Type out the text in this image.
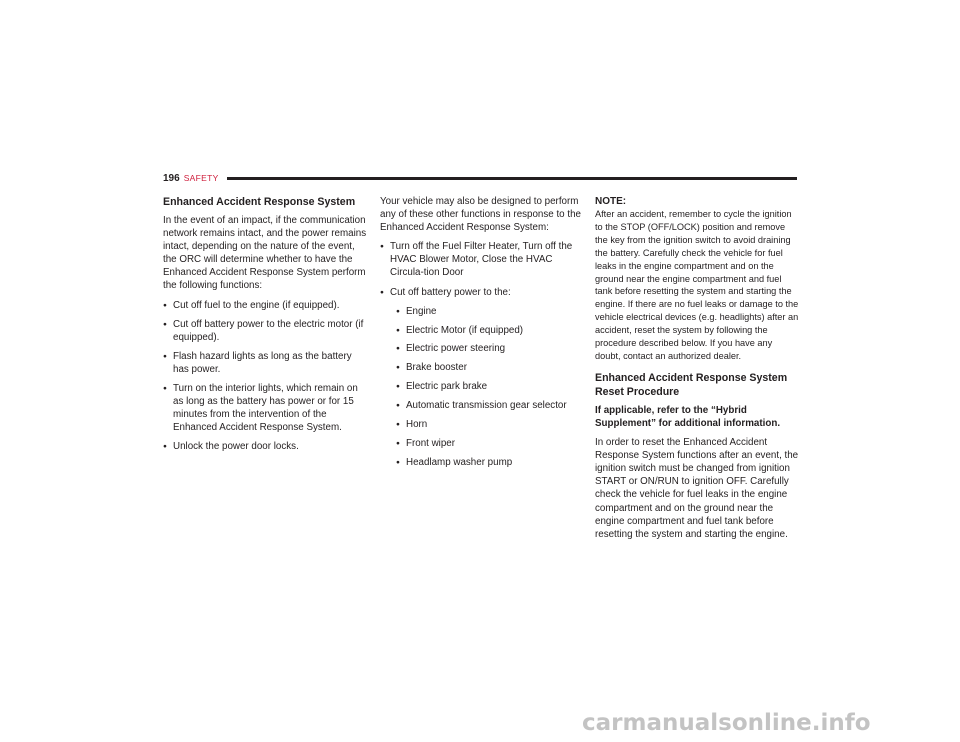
196 SAFETY
Enhanced Accident Response System

In the event of an impact, if the communication network remains intact, and the power remains intact, depending on the nature of the event, the ORC will determine whether to have the Enhanced Accident Response System perform the following functions:

● Cut off fuel to the engine (if equipped).
● Cut off battery power to the electric motor (if equipped).
● Flash hazard lights as long as the battery has power.
● Turn on the interior lights, which remain on as long as the battery has power or for 15 minutes from the intervention of the Enhanced Accident Response System.
● Unlock the power door locks.

Your vehicle may also be designed to perform any of these other functions in response to the Enhanced Accident Response System:

● Turn off the Fuel Filter Heater, Turn off the HVAC Blower Motor, Close the HVAC Circula-tion Door
● Cut off battery power to the:
● Engine
● Electric Motor (if equipped)
● Electric power steering
● Brake booster
● Electric park brake
● Automatic transmission gear selector
● Horn
● Front wiper
● Headlamp washer pump

NOTE:

After an accident, remember to cycle the ignition to the STOP (OFF/LOCK) position and remove the key from the ignition switch to avoid draining the battery. Carefully check the vehicle for fuel leaks in the engine compartment and on the ground near the engine compartment and fuel tank before resetting the system and starting the engine. If there are no fuel leaks or damage to the vehicle electrical devices (e.g. headlights) after an accident, reset the system by following the procedure described below. If you have any doubt, contact an authorized dealer.

Enhanced Accident Response System Reset Procedure

If applicable, refer to the “Hybrid Supplement” for additional information.

In order to reset the Enhanced Accident Response System functions after an event, the ignition switch must be changed from ignition START or ON/RUN to ignition OFF. Carefully check the vehicle for fuel leaks in the engine compartment and on the ground near the engine compartment and fuel tank before resetting the system and starting the engine.

carmanualsonline.info
